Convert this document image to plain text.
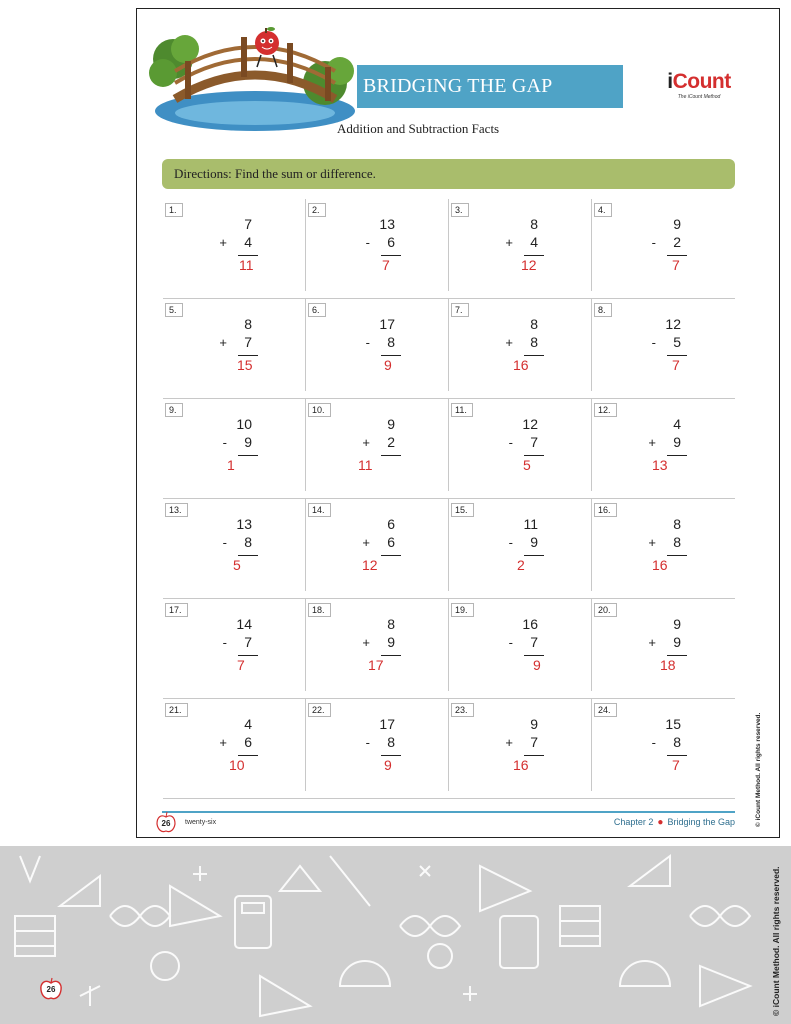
26	© iCount Method. All rights reserved.
BRIDGING THE GAP	iCount
The iCount Method
Addition and Subtraction Facts
Directions: Find the sum or difference.
1.
7
+ 4
11
2.
13
- 6
7
3.
8
+ 4
12
4.
9
- 2
7
5.
8
+ 7
15
6.
17
- 8
9
7.
8
+ 8
16
8.
12
- 5
7
9.
10
- 9
1
10.
9
+ 2
11
11.
12
- 7
5
12.
4
+ 9
13
13.
13
- 8
5
14.
6
+ 6
12
15.
11
- 9
2
16.
8
+ 8
16
17.
14
- 7
7
18.
8
+ 9
17
19.
16
- 7
9
20.
9
+ 9
18
21.
4
+ 6
10
22.
17
- 8
9
23.
9
+ 7
16
24.
15
- 8
7
26	twenty-six	Chapter 2 ● Bridging the Gap	© iCount Method. All rights reserved.
